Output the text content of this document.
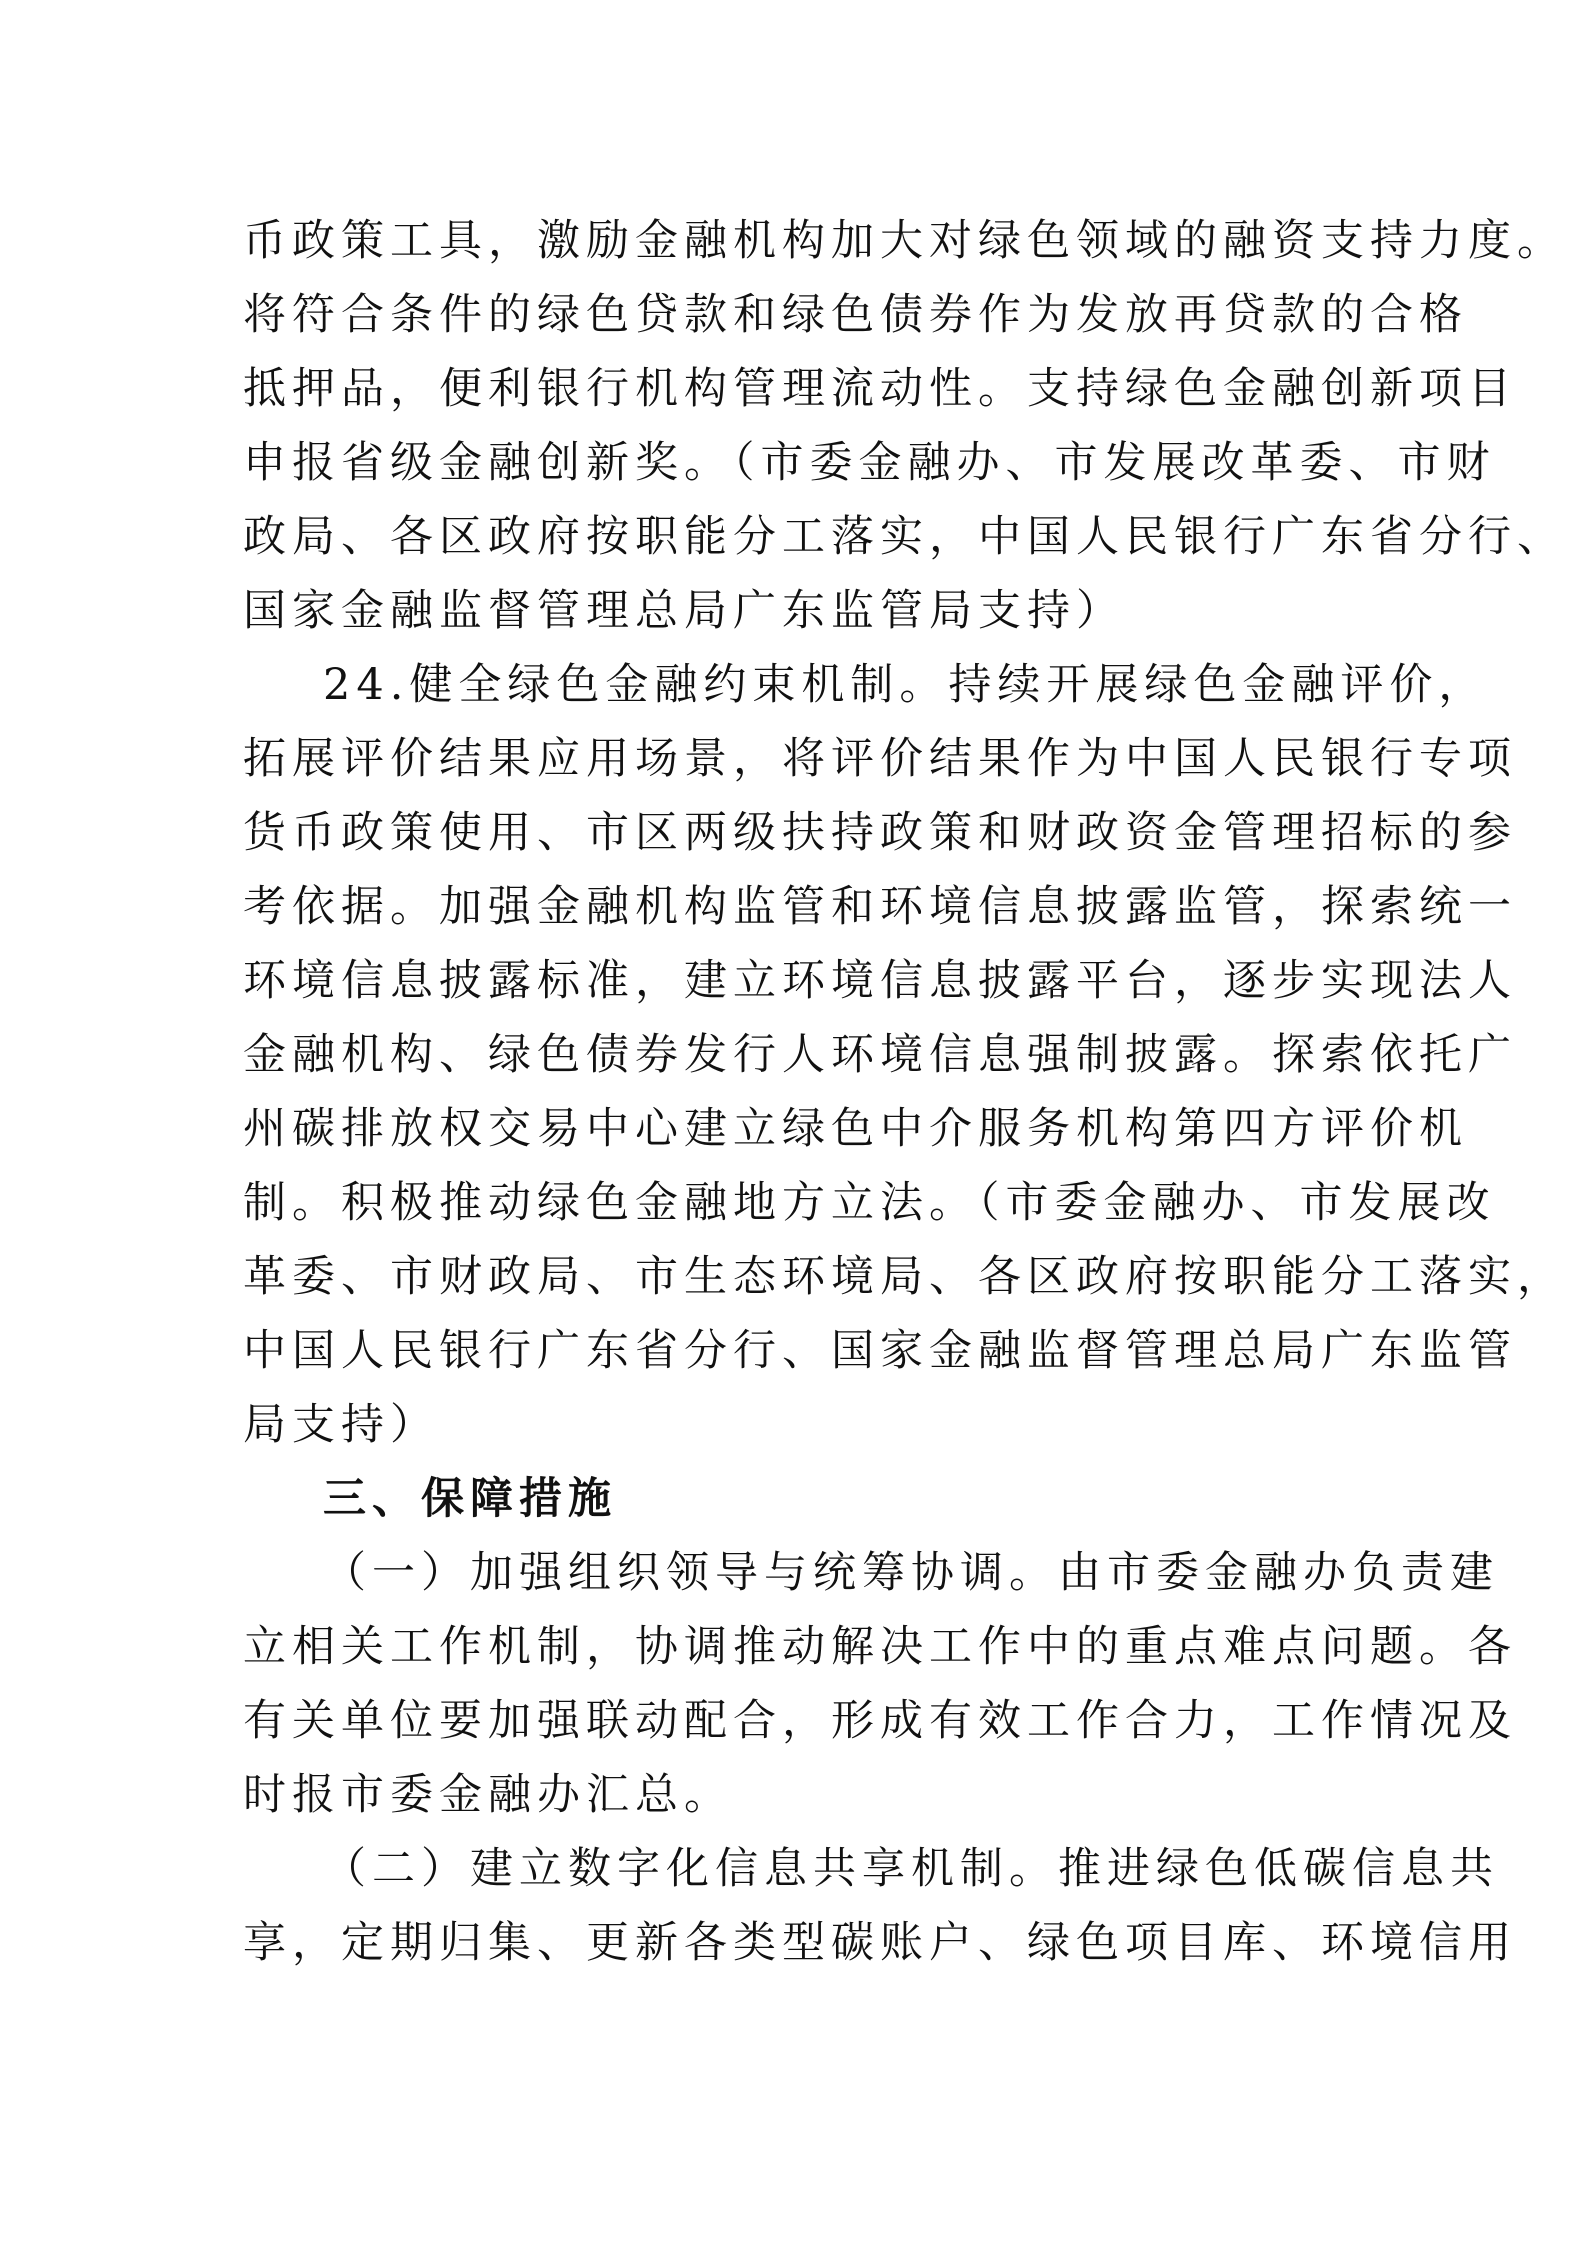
币政策工具，激励金融机构加大对绿色领域的融资支持力度。
将符合条件的绿色贷款和绿色债券作为发放再贷款的合格
抵押品，便利银行机构管理流动性。支持绿色金融创新项目
申报省级金融创新奖。（市委金融办、市发展改革委、市财
政局、各区政府按职能分工落实，中国人民银行广东省分行、
国家金融监督管理总局广东监管局支持）
24.健全绿色金融约束机制。持续开展绿色金融评价，
拓展评价结果应用场景，将评价结果作为中国人民银行专项
货币政策使用、市区两级扶持政策和财政资金管理招标的参
考依据。加强金融机构监管和环境信息披露监管，探索统一
环境信息披露标准，建立环境信息披露平台，逐步实现法人
金融机构、绿色债券发行人环境信息强制披露。探索依托广
州碳排放权交易中心建立绿色中介服务机构第四方评价机
制。积极推动绿色金融地方立法。（市委金融办、市发展改
革委、市财政局、市生态环境局、各区政府按职能分工落实，
中国人民银行广东省分行、国家金融监督管理总局广东监管
局支持）
三、保障措施
（一）加强组织领导与统筹协调。由市委金融办负责建
立相关工作机制，协调推动解决工作中的重点难点问题。各
有关单位要加强联动配合，形成有效工作合力，工作情况及
时报市委金融办汇总。
（二）建立数字化信息共享机制。推进绿色低碳信息共
享，定期归集、更新各类型碳账户、绿色项目库、环境信用
